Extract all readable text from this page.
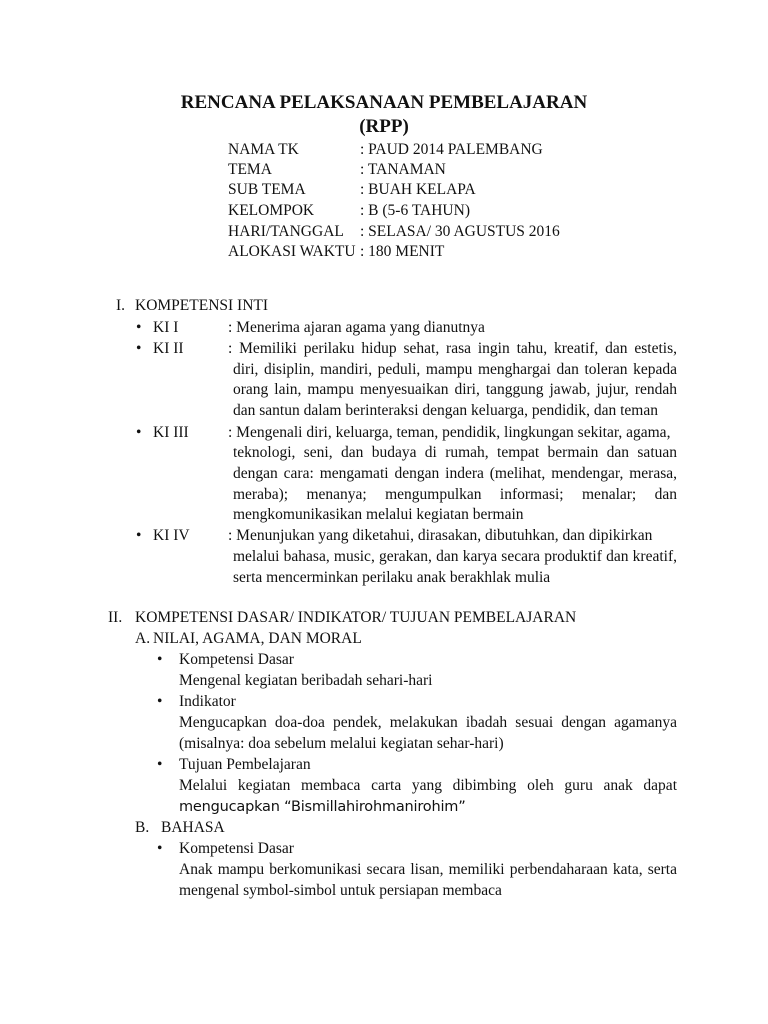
RENCANA PELAKSANAAN PEMBELAJARAN
(RPP)
NAMA TK	: PAUD 2014 PALEMBANG
TEMA	: TANAMAN
SUB TEMA	: BUAH KELAPA
KELOMPOK	: B (5-6 TAHUN)
HARI/TANGGAL : SELASA/ 30 AGUSTUS 2016
ALOKASI WAKTU : 180 MENIT
I. KOMPETENSI INTI
• KI I	: Menerima ajaran agama yang dianutnya
• KI II	: Memiliki perilaku hidup sehat, rasa ingin tahu, kreatif, dan estetis,
diri, disiplin, mandiri, peduli, mampu menghargai dan toleran kepada
orang lain, mampu menyesuaikan diri, tanggung jawab, jujur, rendah
dan santun dalam berinteraksi dengan keluarga, pendidik, dan teman
• KI III	: Mengenali diri, keluarga, teman, pendidik, lingkungan sekitar, agama,
teknologi, seni, dan budaya di rumah, tempat bermain dan satuan
dengan cara: mengamati dengan indera (melihat, mendengar, merasa,
meraba); menanya; mengumpulkan informasi; menalar; dan
mengkomunikasikan melalui kegiatan bermain
• KI IV : Menunjukan yang diketahui, dirasakan, dibutuhkan, dan dipikirkan
melalui bahasa, music, gerakan, dan karya secara produktif dan kreatif,
serta mencerminkan perilaku anak berakhlak mulia
II. KOMPETENSI DASAR/ INDIKATOR/ TUJUAN PEMBELAJARAN
A. NILAI, AGAMA, DAN MORAL
• Kompetensi Dasar
Mengenal kegiatan beribadah sehari-hari
• Indikator
Mengucapkan doa-doa pendek, melakukan ibadah sesuai dengan agamanya
(misalnya: doa sebelum melalui kegiatan sehar-hari)
• Tujuan Pembelajaran
Melalui kegiatan membaca carta yang dibimbing oleh guru anak dapat
mengucapkan “Bismillahirohmanirohim”
B. BAHASA
• Kompetensi Dasar
Anak mampu berkomunikasi secara lisan, memiliki perbendaharaan kata, serta
mengenal symbol-simbol untuk persiapan membaca
